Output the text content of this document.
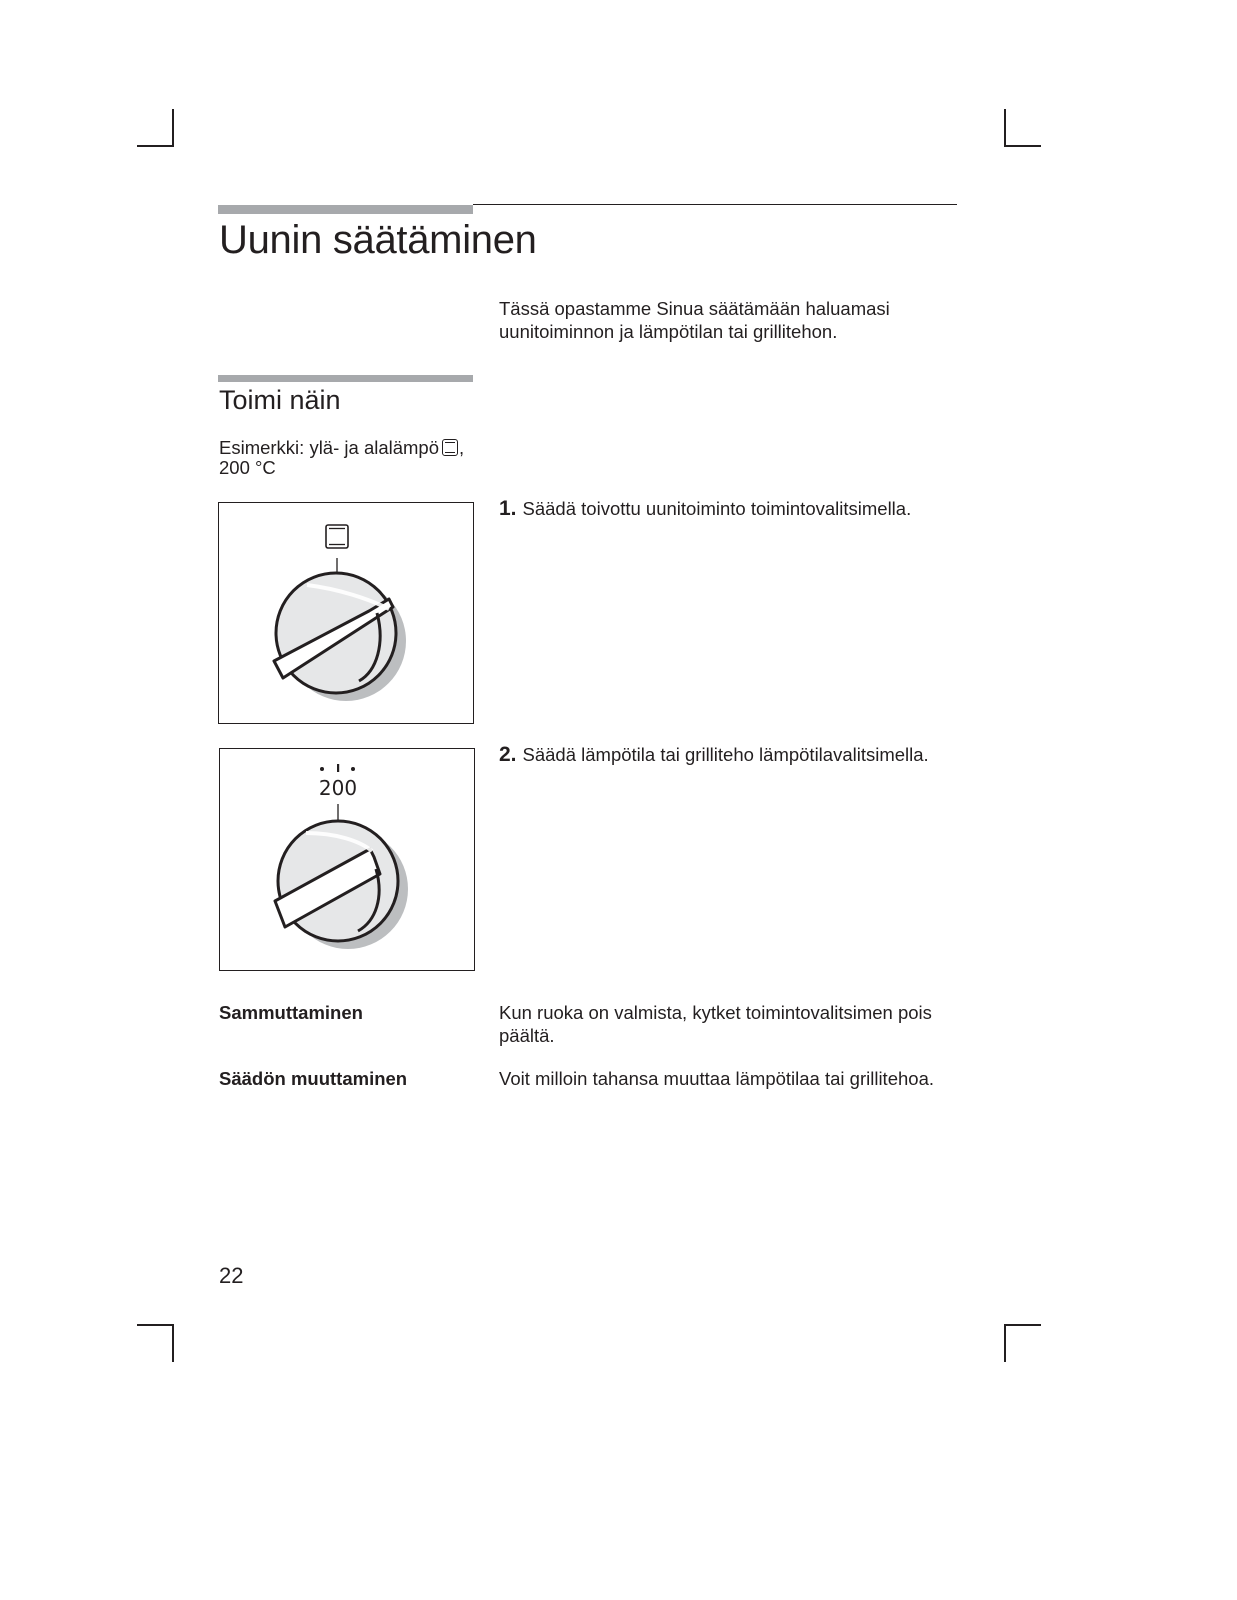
Uunin säätäminen
Tässä opastamme Sinua säätämään haluamasi uunitoiminnon ja lämpötilan tai grillitehon.
Toimi näin
Esimerkki: ylä- ja alalämpö ,
200 °C
1. Säädä toivottu uunitoiminto toimintovalitsimella.
200
2. Säädä lämpötila tai grilliteho lämpötilavalitsimella.
Sammuttaminen	Kun ruoka on valmista, kytket toimintovalitsimen pois päältä.
Säädön muuttaminen	Voit milloin tahansa muuttaa lämpötilaa tai grillitehoa.
22
